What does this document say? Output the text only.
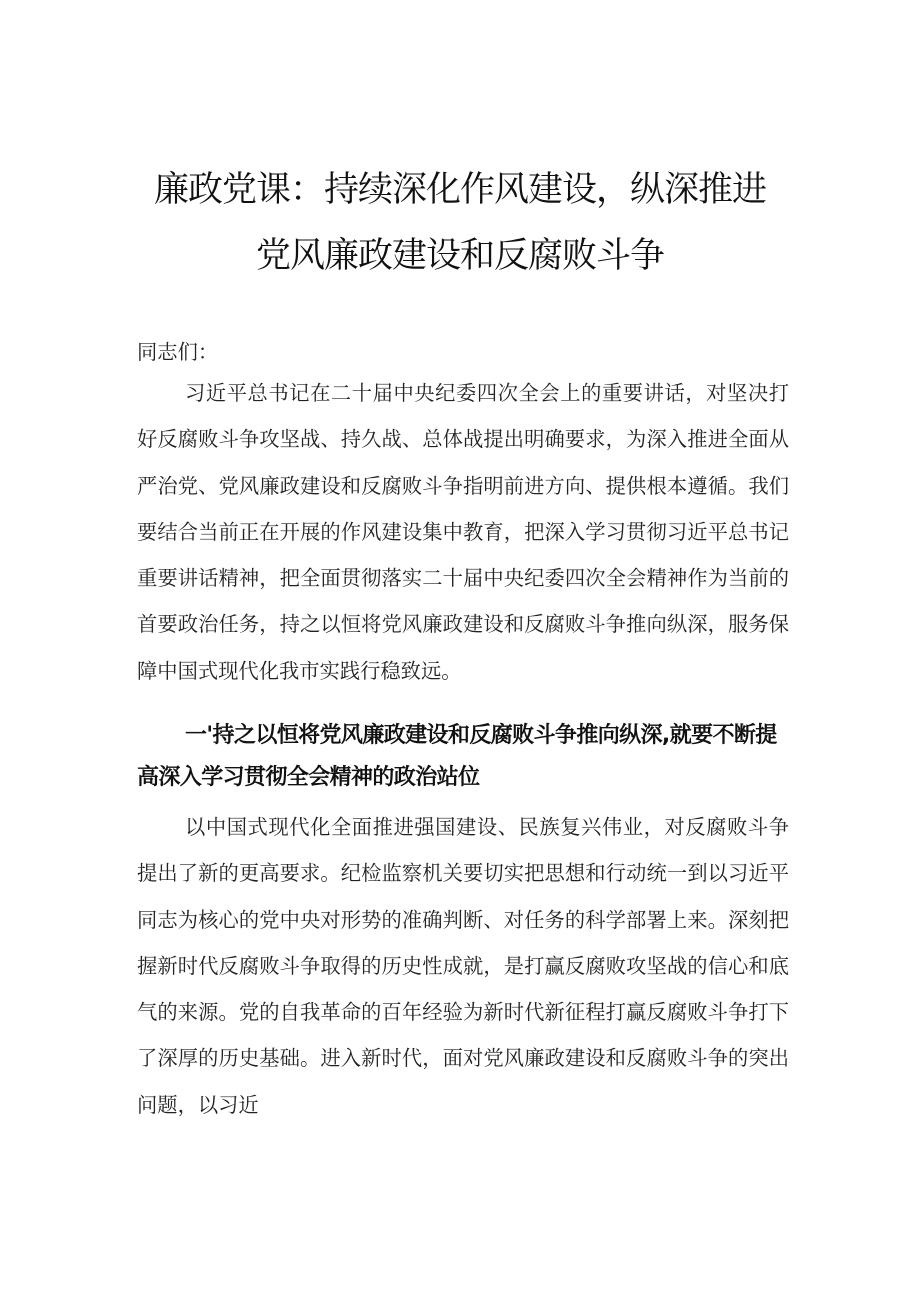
廉政党课：持续深化作风建设，纵深推进
党风廉政建设和反腐败斗争

同志们：

习近平总书记在二十届中央纪委四次全会上的重要讲话，对坚决打好反腐败斗争攻坚战、持久战、总体战提出明确要求，为深入推进全面从严治党、党风廉政建设和反腐败斗争指明前进方向、提供根本遵循。我们要结合当前正在开展的作风建设集中教育，把深入学习贯彻习近平总书记重要讲话精神，把全面贯彻落实二十届中央纪委四次全会精神作为当前的首要政治任务，持之以恒将党风廉政建设和反腐败斗争推向纵深，服务保障中国式现代化我市实践行稳致远。

一'持之以恒将党风廉政建设和反腐败斗争推向纵深,就要不断提高深入学习贯彻全会精神的政治站位

以中国式现代化全面推进强国建设、民族复兴伟业，对反腐败斗争提出了新的更高要求。纪检监察机关要切实把思想和行动统一到以习近平同志为核心的党中央对形势的准确判断、对任务的科学部署上来。深刻把握新时代反腐败斗争取得的历史性成就，是打赢反腐败攻坚战的信心和底气的来源。党的自我革命的百年经验为新时代新征程打赢反腐败斗争打下了深厚的历史基础。进入新时代，面对党风廉政建设和反腐败斗争的突出问题，以习近
